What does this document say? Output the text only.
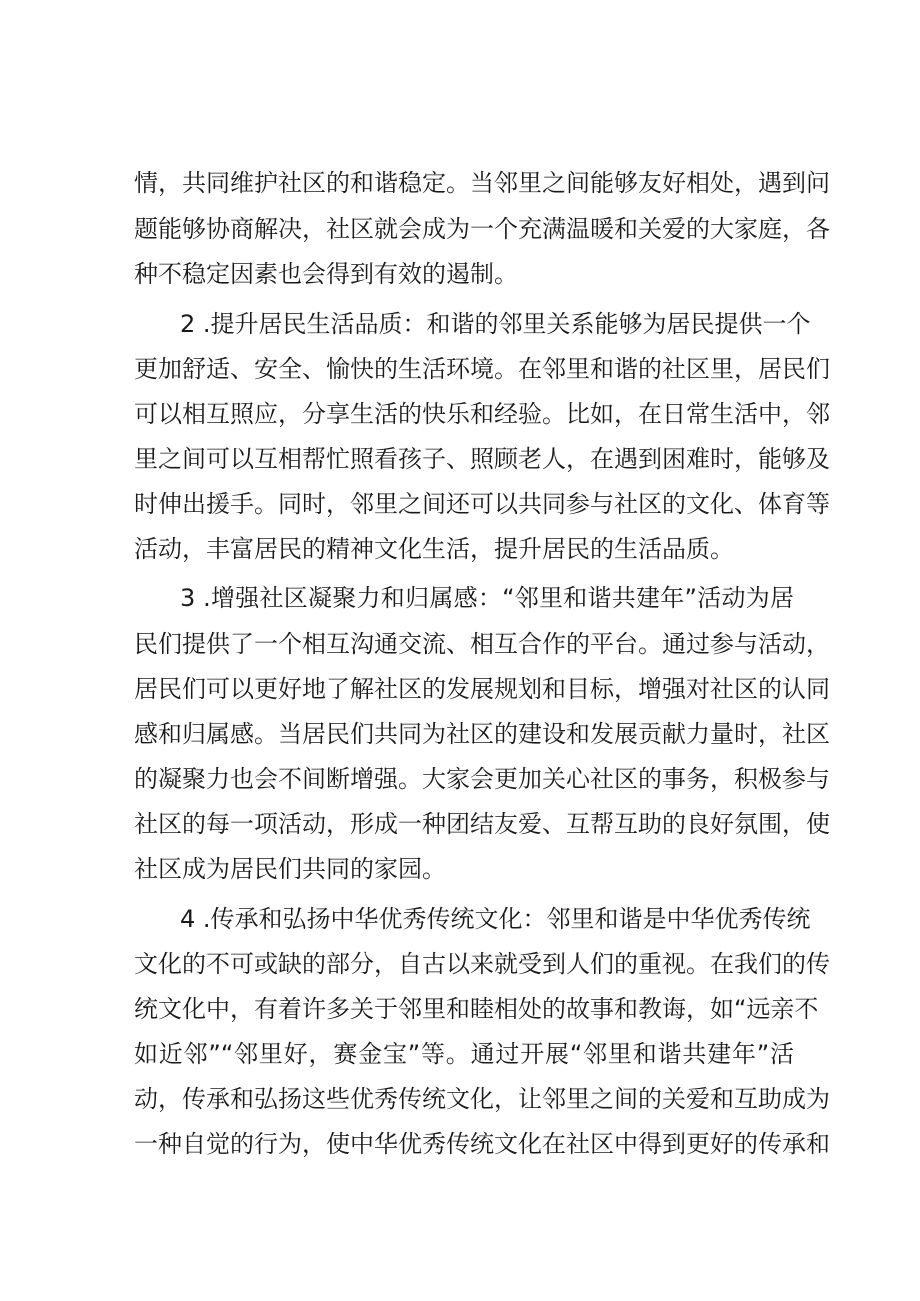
情，共同维护社区的和谐稳定。当邻里之间能够友好相处，遇到问
题能够协商解决，社区就会成为一个充满温暖和关爱的大家庭，各
种不稳定因素也会得到有效的遏制。
2 .提升居民生活品质：和谐的邻里关系能够为居民提供一个
更加舒适、安全、愉快的生活环境。在邻里和谐的社区里，居民们
可以相互照应，分享生活的快乐和经验。比如，在日常生活中，邻
里之间可以互相帮忙照看孩子、照顾老人，在遇到困难时，能够及
时伸出援手。同时，邻里之间还可以共同参与社区的文化、体育等
活动，丰富居民的精神文化生活，提升居民的生活品质。
3 .增强社区凝聚力和归属感：“邻里和谐共建年”活动为居
民们提供了一个相互沟通交流、相互合作的平台。通过参与活动，
居民们可以更好地了解社区的发展规划和目标，增强对社区的认同
感和归属感。当居民们共同为社区的建设和发展贡献力量时，社区
的凝聚力也会不间断增强。大家会更加关心社区的事务，积极参与
社区的每一项活动，形成一种团结友爱、互帮互助的良好氛围，使
社区成为居民们共同的家园。
4 .传承和弘扬中华优秀传统文化：邻里和谐是中华优秀传统
文化的不可或缺的部分，自古以来就受到人们的重视。在我们的传
统文化中，有着许多关于邻里和睦相处的故事和教诲，如“远亲不
如近邻”“邻里好，赛金宝”等。通过开展“邻里和谐共建年”活
动，传承和弘扬这些优秀传统文化，让邻里之间的关爱和互助成为
一种自觉的行为，使中华优秀传统文化在社区中得到更好的传承和
